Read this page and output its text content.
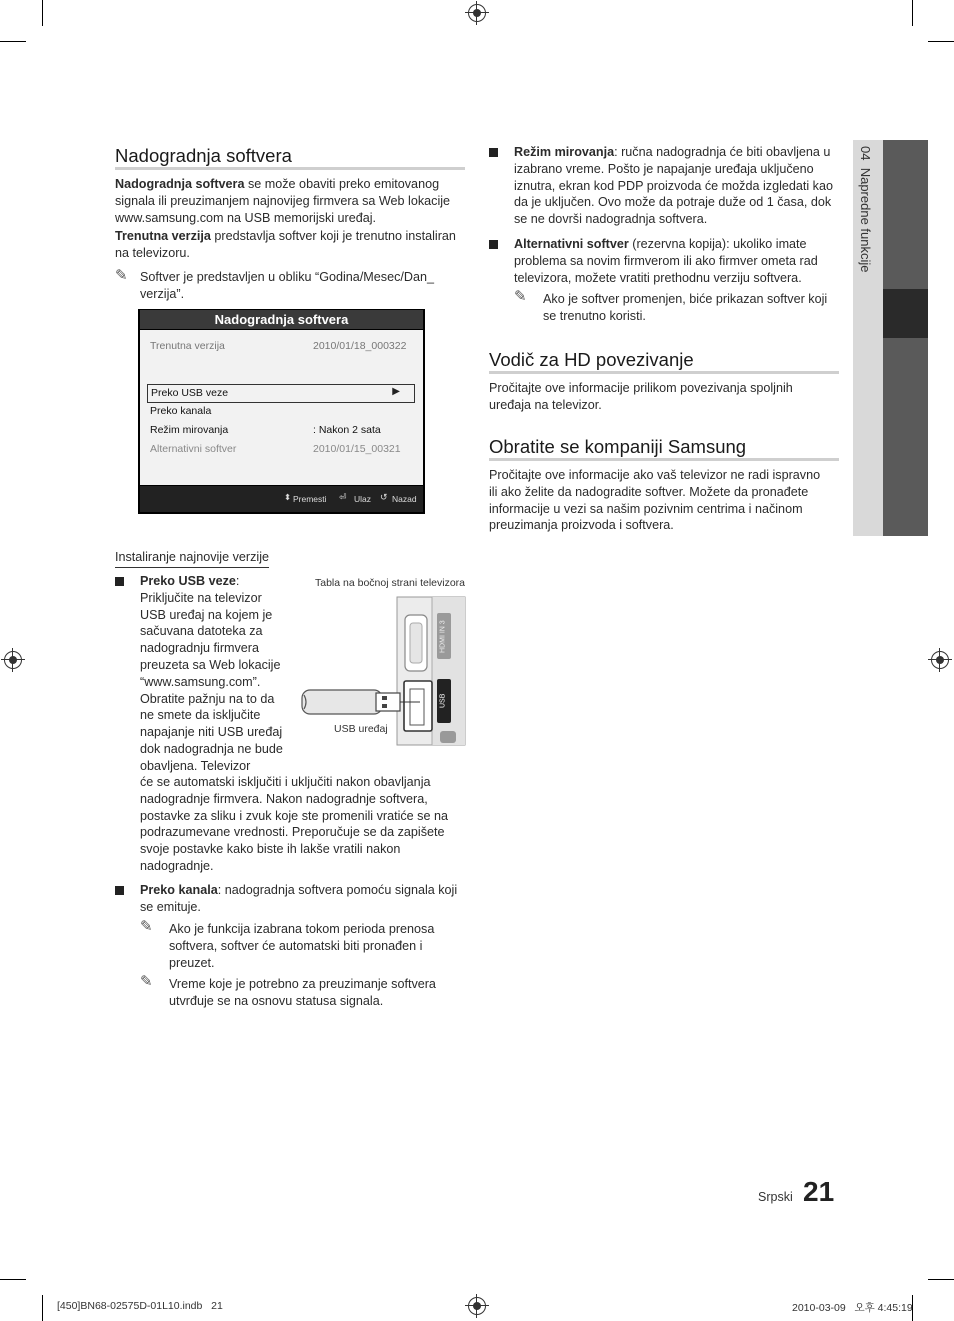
Nadogradnja softvera
Nadogradnja softvera se može obaviti preko emitovanog signala ili preuzimanjem najnovijeg firmvera sa Web lokacije www.samsung.com na USB memorijski uređaj.
Trenutna verzija predstavlja softver koji je trenutno instaliran na televizoru.
✎ Softver je predstavljen u obliku “Godina/Mesec/Dan_ verzija”.
Nadogradnja softvera
Trenutna verzija	2010/01/18_000322
Preko USB veze	▶
Preko kanala
Režim mirovanja	: Nakon 2 sata
Alternativni softver	2010/01/15_00321
⬍ Premesti ⏎ Ulaz ↺ Nazad
Instaliranje najnovije verzije
Preko USB veze: Priključite na televizor USB uređaj na kojem je sačuvana datoteka za nadogradnju firmvera preuzeta sa Web lokacije “www.samsung.com”. Obratite pažnju na to da ne smete da isključite napajanje niti USB uređaj dok nadogradnja ne bude obavljena. Televizor
će se automatski isključiti i uključiti nakon obavljanja nadogradnje firmvera. Nakon nadogradnje softvera, postavke za sliku i zvuk koje ste promenili vratiće se na podrazumevane vrednosti. Preporučuje se da zapišete svoje postavke kako biste ih lakše vratili nakon nadogradnje.
Tabla na bočnoj strani televizora
HDMI IN 3
USB
USB uređaj
Preko kanala: nadogradnja softvera pomoću signala koji se emituje.
✎ Ako je funkcija izabrana tokom perioda prenosa softvera, softver će automatski biti pronađen i preuzet.
✎ Vreme koje je potrebno za preuzimanje softvera utvrđuje se na osnovu statusa signala.
Režim mirovanja: ručna nadogradnja će biti obavljena u izabrano vreme. Pošto je napajanje uređaja uključeno iznutra, ekran kod PDP proizvoda će možda izgledati kao da je uključen. Ovo može da potraje duže od 1 časa, dok se ne dovrši nadogradnja softvera.
Alternativni softver (rezervna kopija): ukoliko imate problema sa novim firmverom ili ako firmver ometa rad televizora, možete vratiti prethodnu verziju softvera.
✎ Ako je softver promenjen, biće prikazan softver koji se trenutno koristi.
Vodič za HD povezivanje
Pročitajte ove informacije prilikom povezivanja spoljnih uređaja na televizor.
Obratite se kompaniji Samsung
Pročitajte ove informacije ako vaš televizor ne radi ispravno ili ako želite da nadogradite softver. Možete da pronađete informacije u vezi sa našim pozivnim centrima i načinom preuzimanja proizvoda i softvera.
04  Napredne funkcije
Srpski 21
[450]BN68-02575D-01L10.indb   21	2010-03-09   오후 4:45:19
